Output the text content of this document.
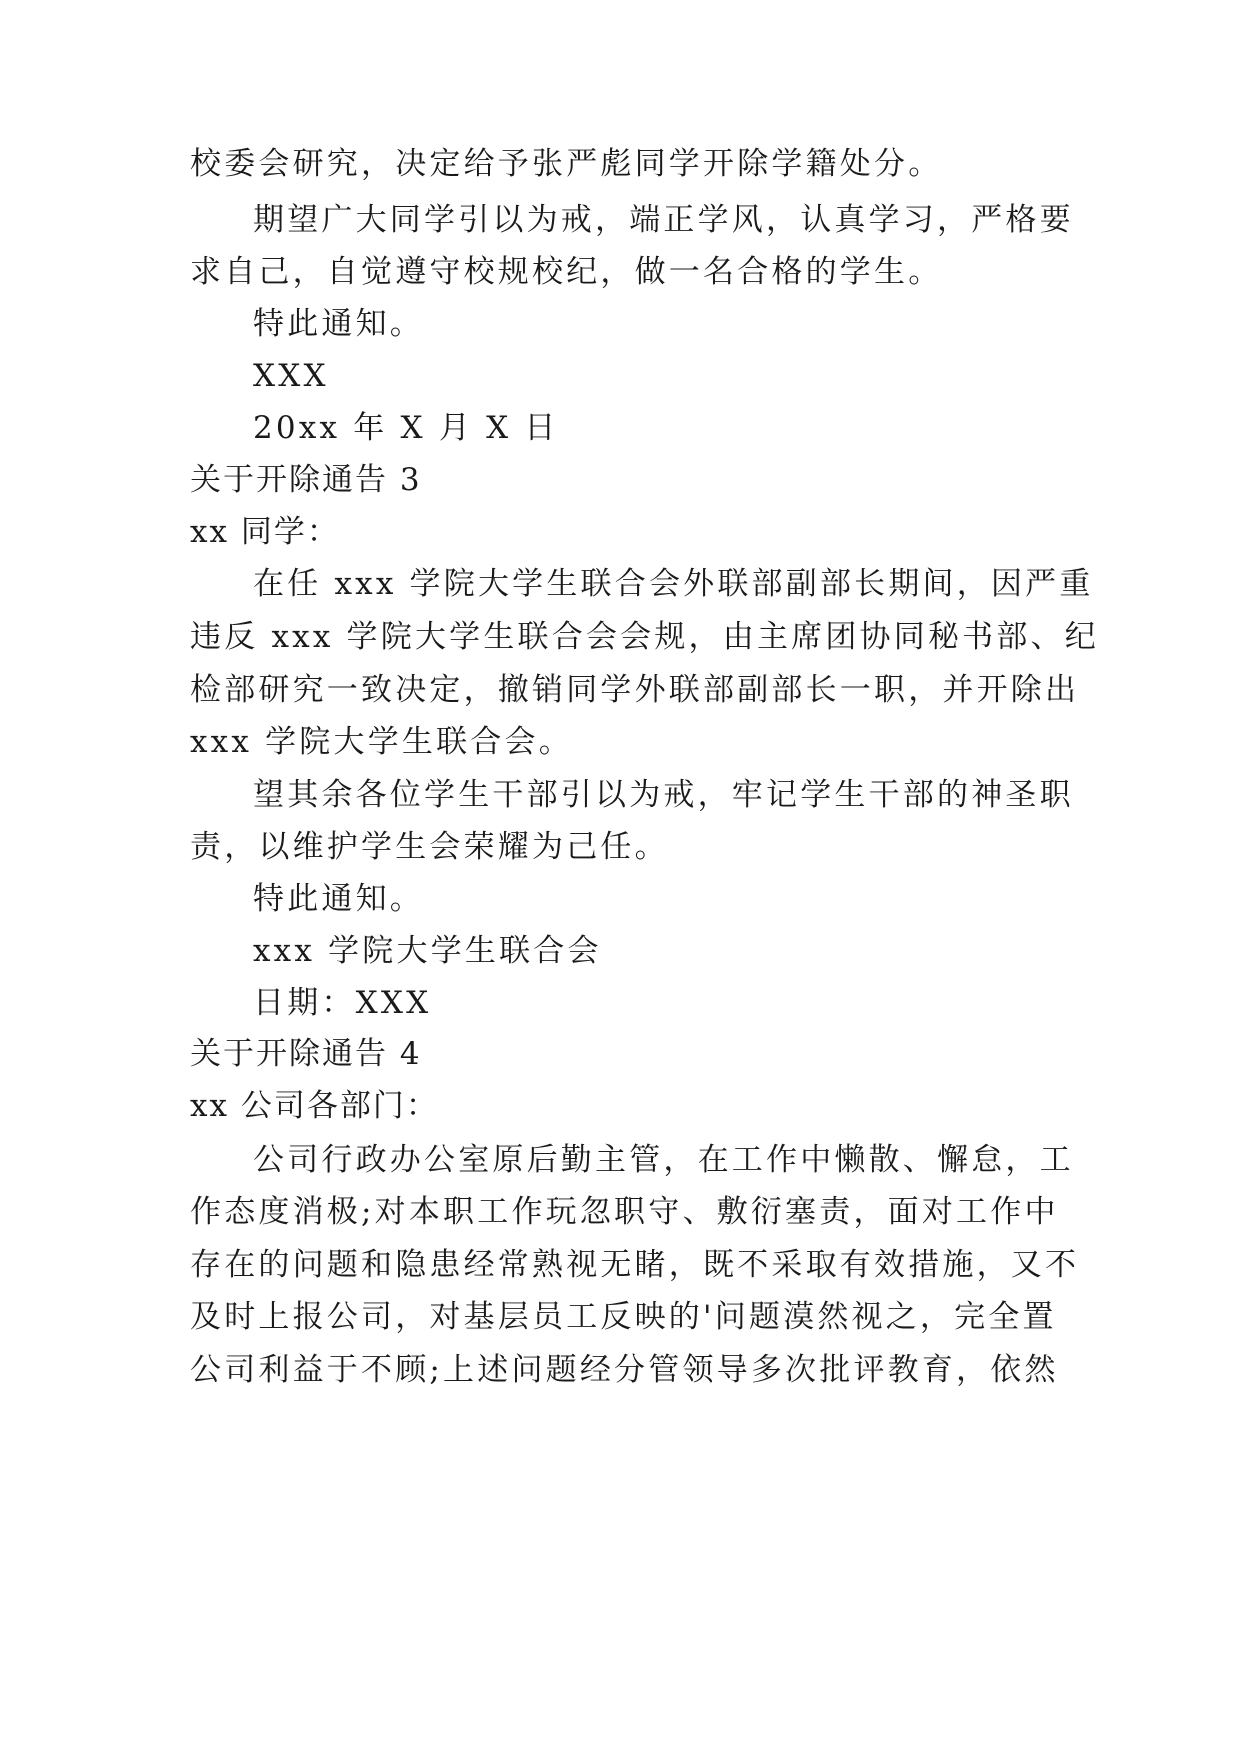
校委会研究，决定给予张严彪同学开除学籍处分。
期望广大同学引以为戒，端正学风，认真学习，严格要
求自己，自觉遵守校规校纪，做一名合格的学生。
特此通知。
XXX
20xx 年 X 月 X 日
关于开除通告 3
xx 同学：
在任 xxx 学院大学生联合会外联部副部长期间，因严重
违反 xxx 学院大学生联合会会规，由主席团协同秘书部、纪
检部研究一致决定，撤销同学外联部副部长一职，并开除出
xxx 学院大学生联合会。
望其余各位学生干部引以为戒，牢记学生干部的神圣职
责，以维护学生会荣耀为己任。
特此通知。
xxx 学院大学生联合会
日期：XXX
关于开除通告 4
xx 公司各部门：
公司行政办公室原后勤主管，在工作中懒散、懈怠，工
作态度消极;对本职工作玩忽职守、敷衍塞责，面对工作中
存在的问题和隐患经常熟视无睹，既不采取有效措施，又不
及时上报公司，对基层员工反映的'问题漠然视之，完全置
公司利益于不顾;上述问题经分管领导多次批评教育，依然
